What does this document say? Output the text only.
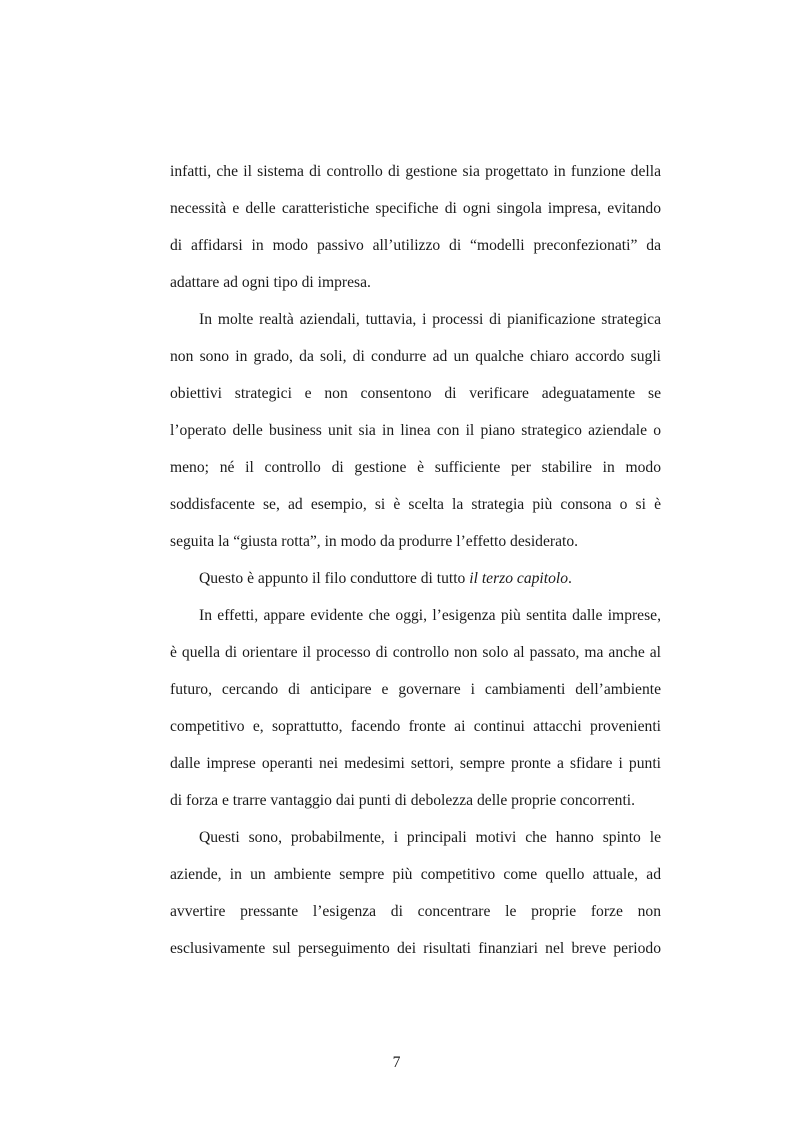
infatti, che il sistema di controllo di gestione sia progettato in funzione della
necessità e delle caratteristiche specifiche di ogni singola impresa, evitando
di affidarsi in modo passivo all’utilizzo di “modelli preconfezionati” da
adattare ad ogni tipo di impresa.

In molte realtà aziendali, tuttavia, i processi di pianificazione strategica
non sono in grado, da soli, di condurre ad un qualche chiaro accordo sugli
obiettivi strategici e non consentono di verificare adeguatamente se
l’operato delle business unit sia in linea con il piano strategico aziendale o
meno; né il controllo di gestione è sufficiente per stabilire in modo
soddisfacente se, ad esempio, si è scelta la strategia più consona o si è
seguita la “giusta rotta”, in modo da produrre l’effetto desiderato.

Questo è appunto il filo conduttore di tutto il terzo capitolo.

In effetti, appare evidente che oggi, l’esigenza più sentita dalle imprese,
è quella di orientare il processo di controllo non solo al passato, ma anche al
futuro, cercando di anticipare e governare i cambiamenti dell’ambiente
competitivo e, soprattutto, facendo fronte ai continui attacchi provenienti
dalle imprese operanti nei medesimi settori, sempre pronte a sfidare i punti
di forza e trarre vantaggio dai punti di debolezza delle proprie concorrenti.

Questi sono, probabilmente, i principali motivi che hanno spinto le
aziende, in un ambiente sempre più competitivo come quello attuale, ad
avvertire pressante l’esigenza di concentrare le proprie forze non
esclusivamente sul perseguimento dei risultati finanziari nel breve periodo

7
